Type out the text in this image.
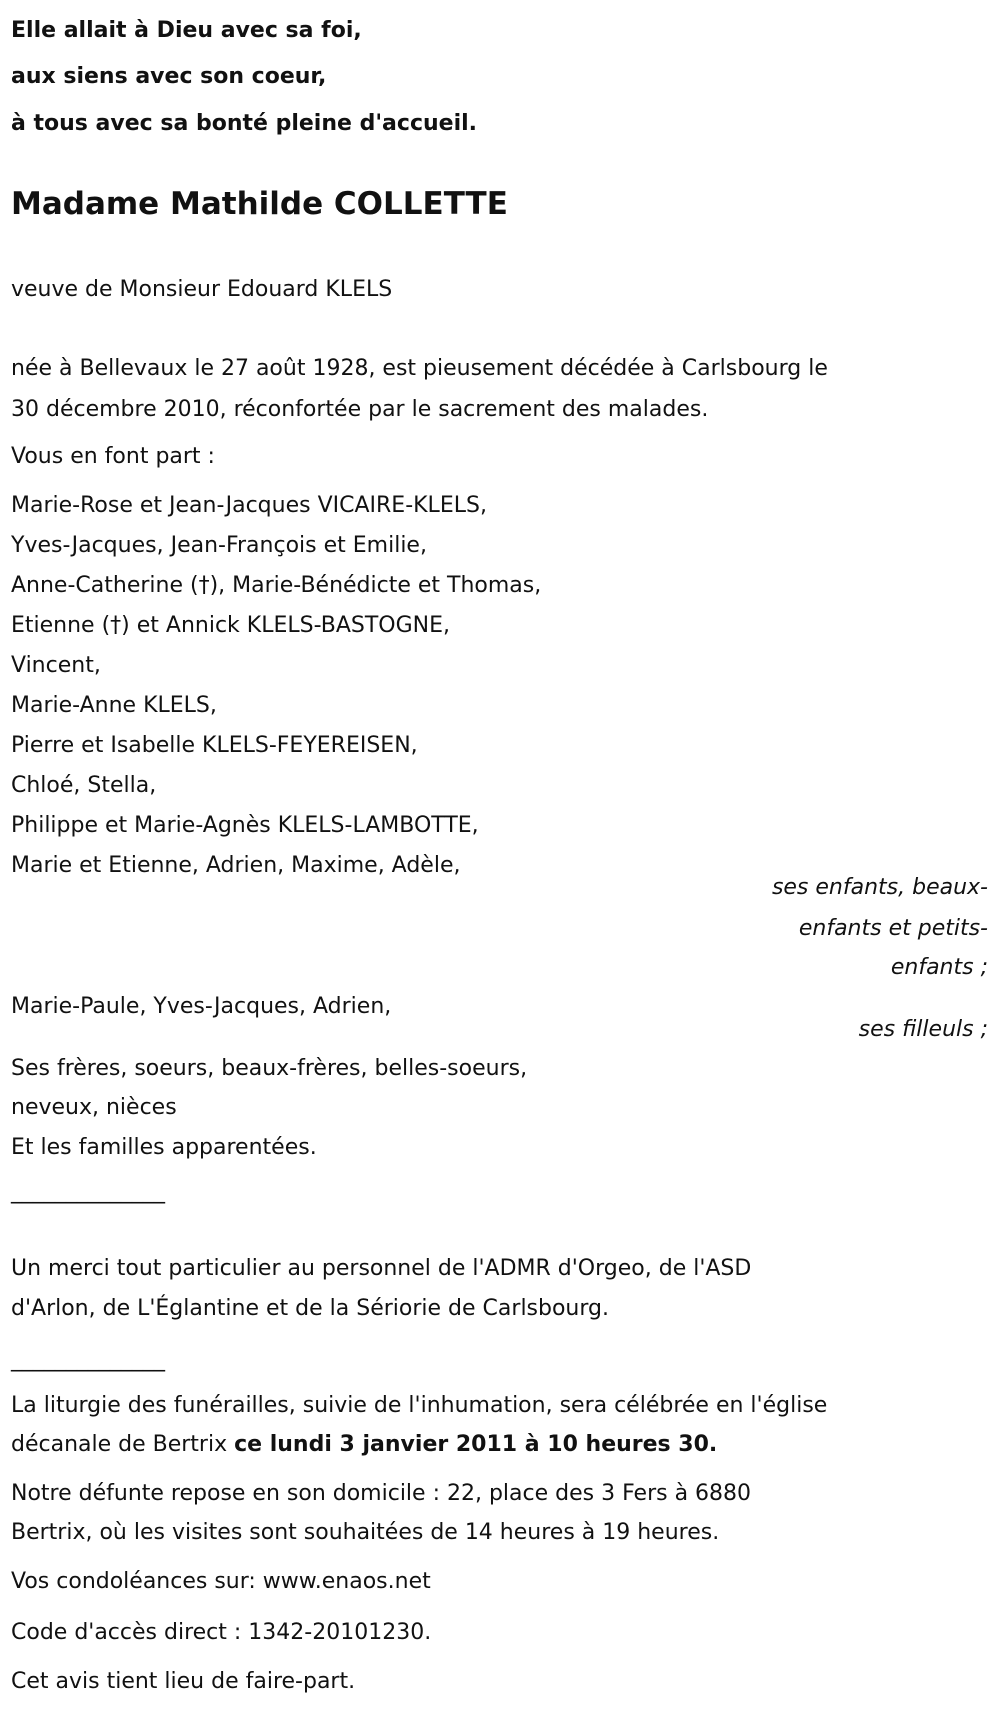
Elle allait à Dieu avec sa foi,
aux siens avec son coeur,
à tous avec sa bonté pleine d'accueil.
Madame Mathilde COLLETTE
veuve de Monsieur Edouard KLELS
née à Bellevaux le 27 août 1928, est pieusement décédée à Carlsbourg le
30 décembre 2010, réconfortée par le sacrement des malades.
Vous en font part :
Marie-Rose et Jean-Jacques VICAIRE-KLELS,
Yves-Jacques, Jean-François et Emilie,
Anne-Catherine (†), Marie-Bénédicte et Thomas,
Etienne (†) et Annick KLELS-BASTOGNE,
Vincent,
Marie-Anne KLELS,
Pierre et Isabelle KLELS-FEYEREISEN,
Chloé, Stella,
Philippe et Marie-Agnès KLELS-LAMBOTTE,
Marie et Etienne, Adrien, Maxime, Adèle,
ses enfants, beaux-
enfants et petits-
enfants ;
Marie-Paule, Yves-Jacques, Adrien,
ses filleuls ;
Ses frères, soeurs, beaux-frères, belles-soeurs,
neveux, nièces
Et les familles apparentées.
______________
Un merci tout particulier au personnel de l'ADMR d'Orgeo, de l'ASD
d'Arlon, de L'Églantine et de la Sériorie de Carlsbourg.
______________
La liturgie des funérailles, suivie de l'inhumation, sera célébrée en l'église
décanale de Bertrix ce lundi 3 janvier 2011 à 10 heures 30.
Notre défunte repose en son domicile : 22, place des 3 Fers à 6880
Bertrix, où les visites sont souhaitées de 14 heures à 19 heures.
Vos condoléances sur: www.enaos.net
Code d'accès direct : 1342-20101230.
Cet avis tient lieu de faire-part.
